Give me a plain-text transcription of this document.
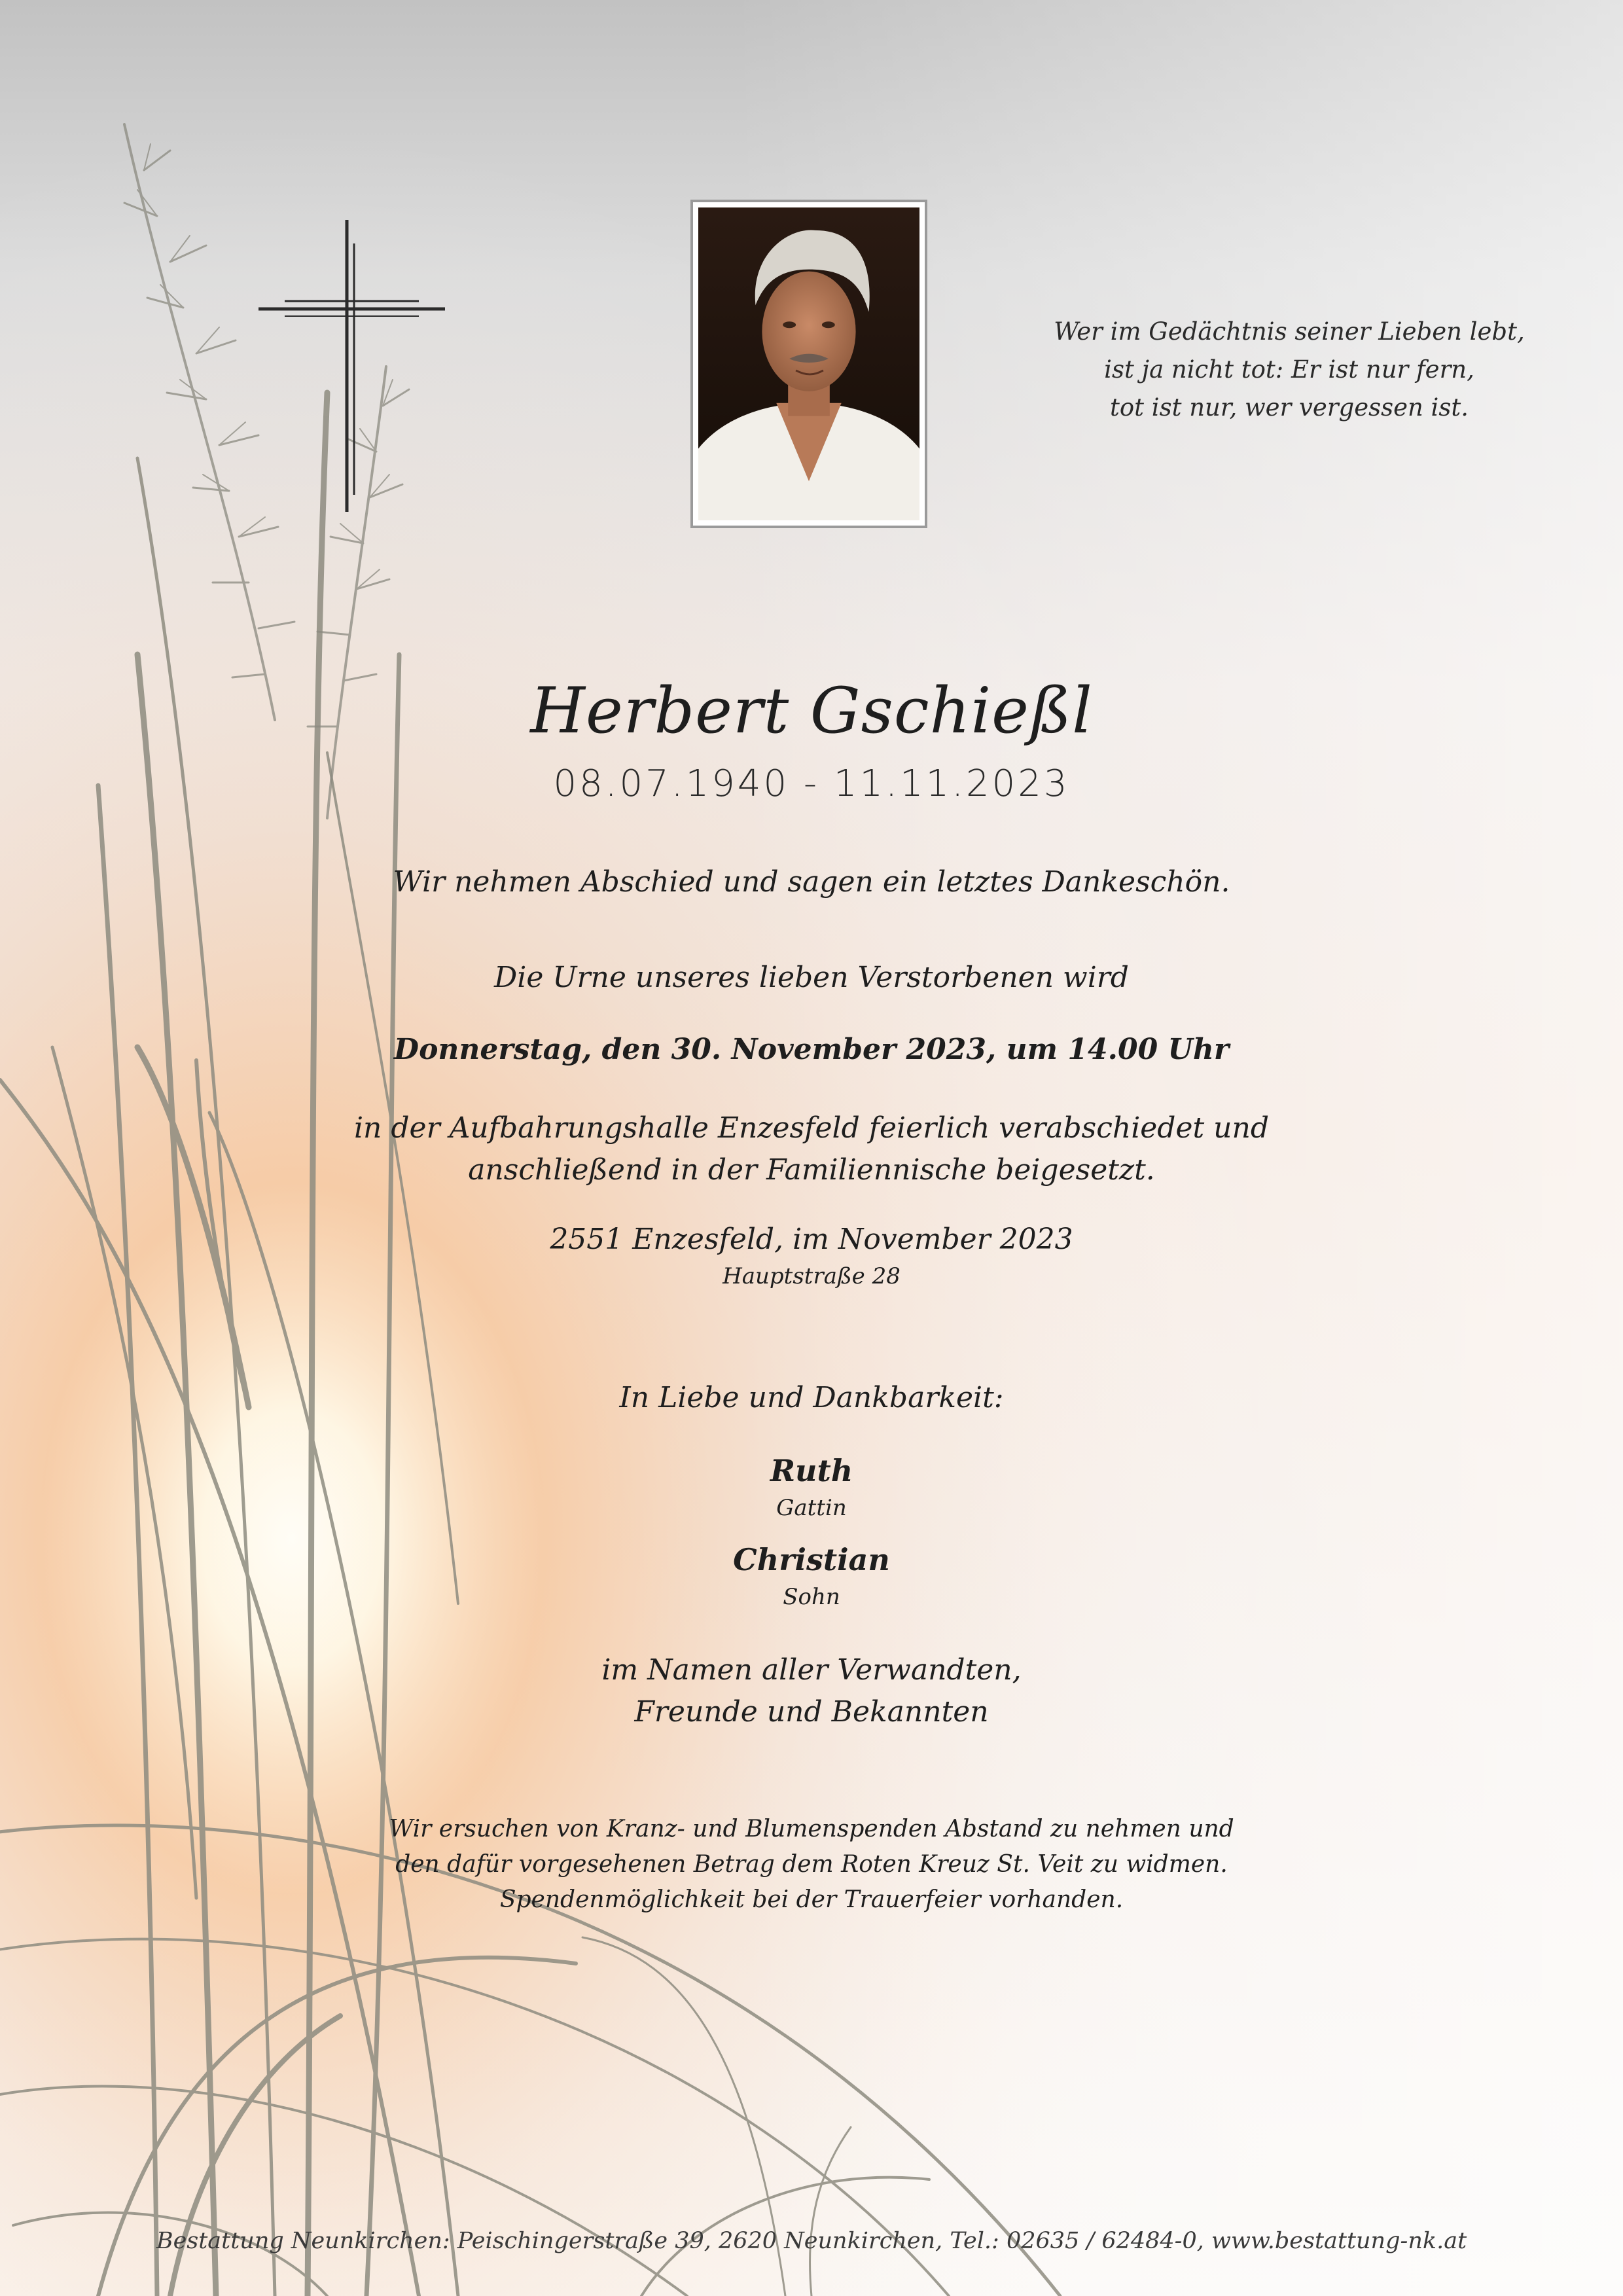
Wer im Gedächtnis seiner Lieben lebt,
ist ja nicht tot: Er ist nur fern,
tot ist nur, wer vergessen ist.
Herbert Gschießl
08.07.1940 - 11.11.2023
Wir nehmen Abschied und sagen ein letztes Dankeschön.
Die Urne unseres lieben Verstorbenen wird
Donnerstag, den 30. November 2023, um 14.00 Uhr
in der Aufbahrungshalle Enzesfeld feierlich verabschiedet und
anschließend in der Familiennische beigesetzt.
2551 Enzesfeld, im November 2023
Hauptstraße 28
In Liebe und Dankbarkeit:
Ruth
Gattin
Christian
Sohn
im Namen aller Verwandten,
Freunde und Bekannten
Wir ersuchen von Kranz- und Blumenspenden Abstand zu nehmen und
den dafür vorgesehenen Betrag dem Roten Kreuz St. Veit zu widmen.
Spendenmöglichkeit bei der Trauerfeier vorhanden.
Bestattung Neunkirchen: Peischingerstraße 39, 2620 Neunkirchen, Tel.: 02635 / 62484-0, www.bestattung-nk.at
